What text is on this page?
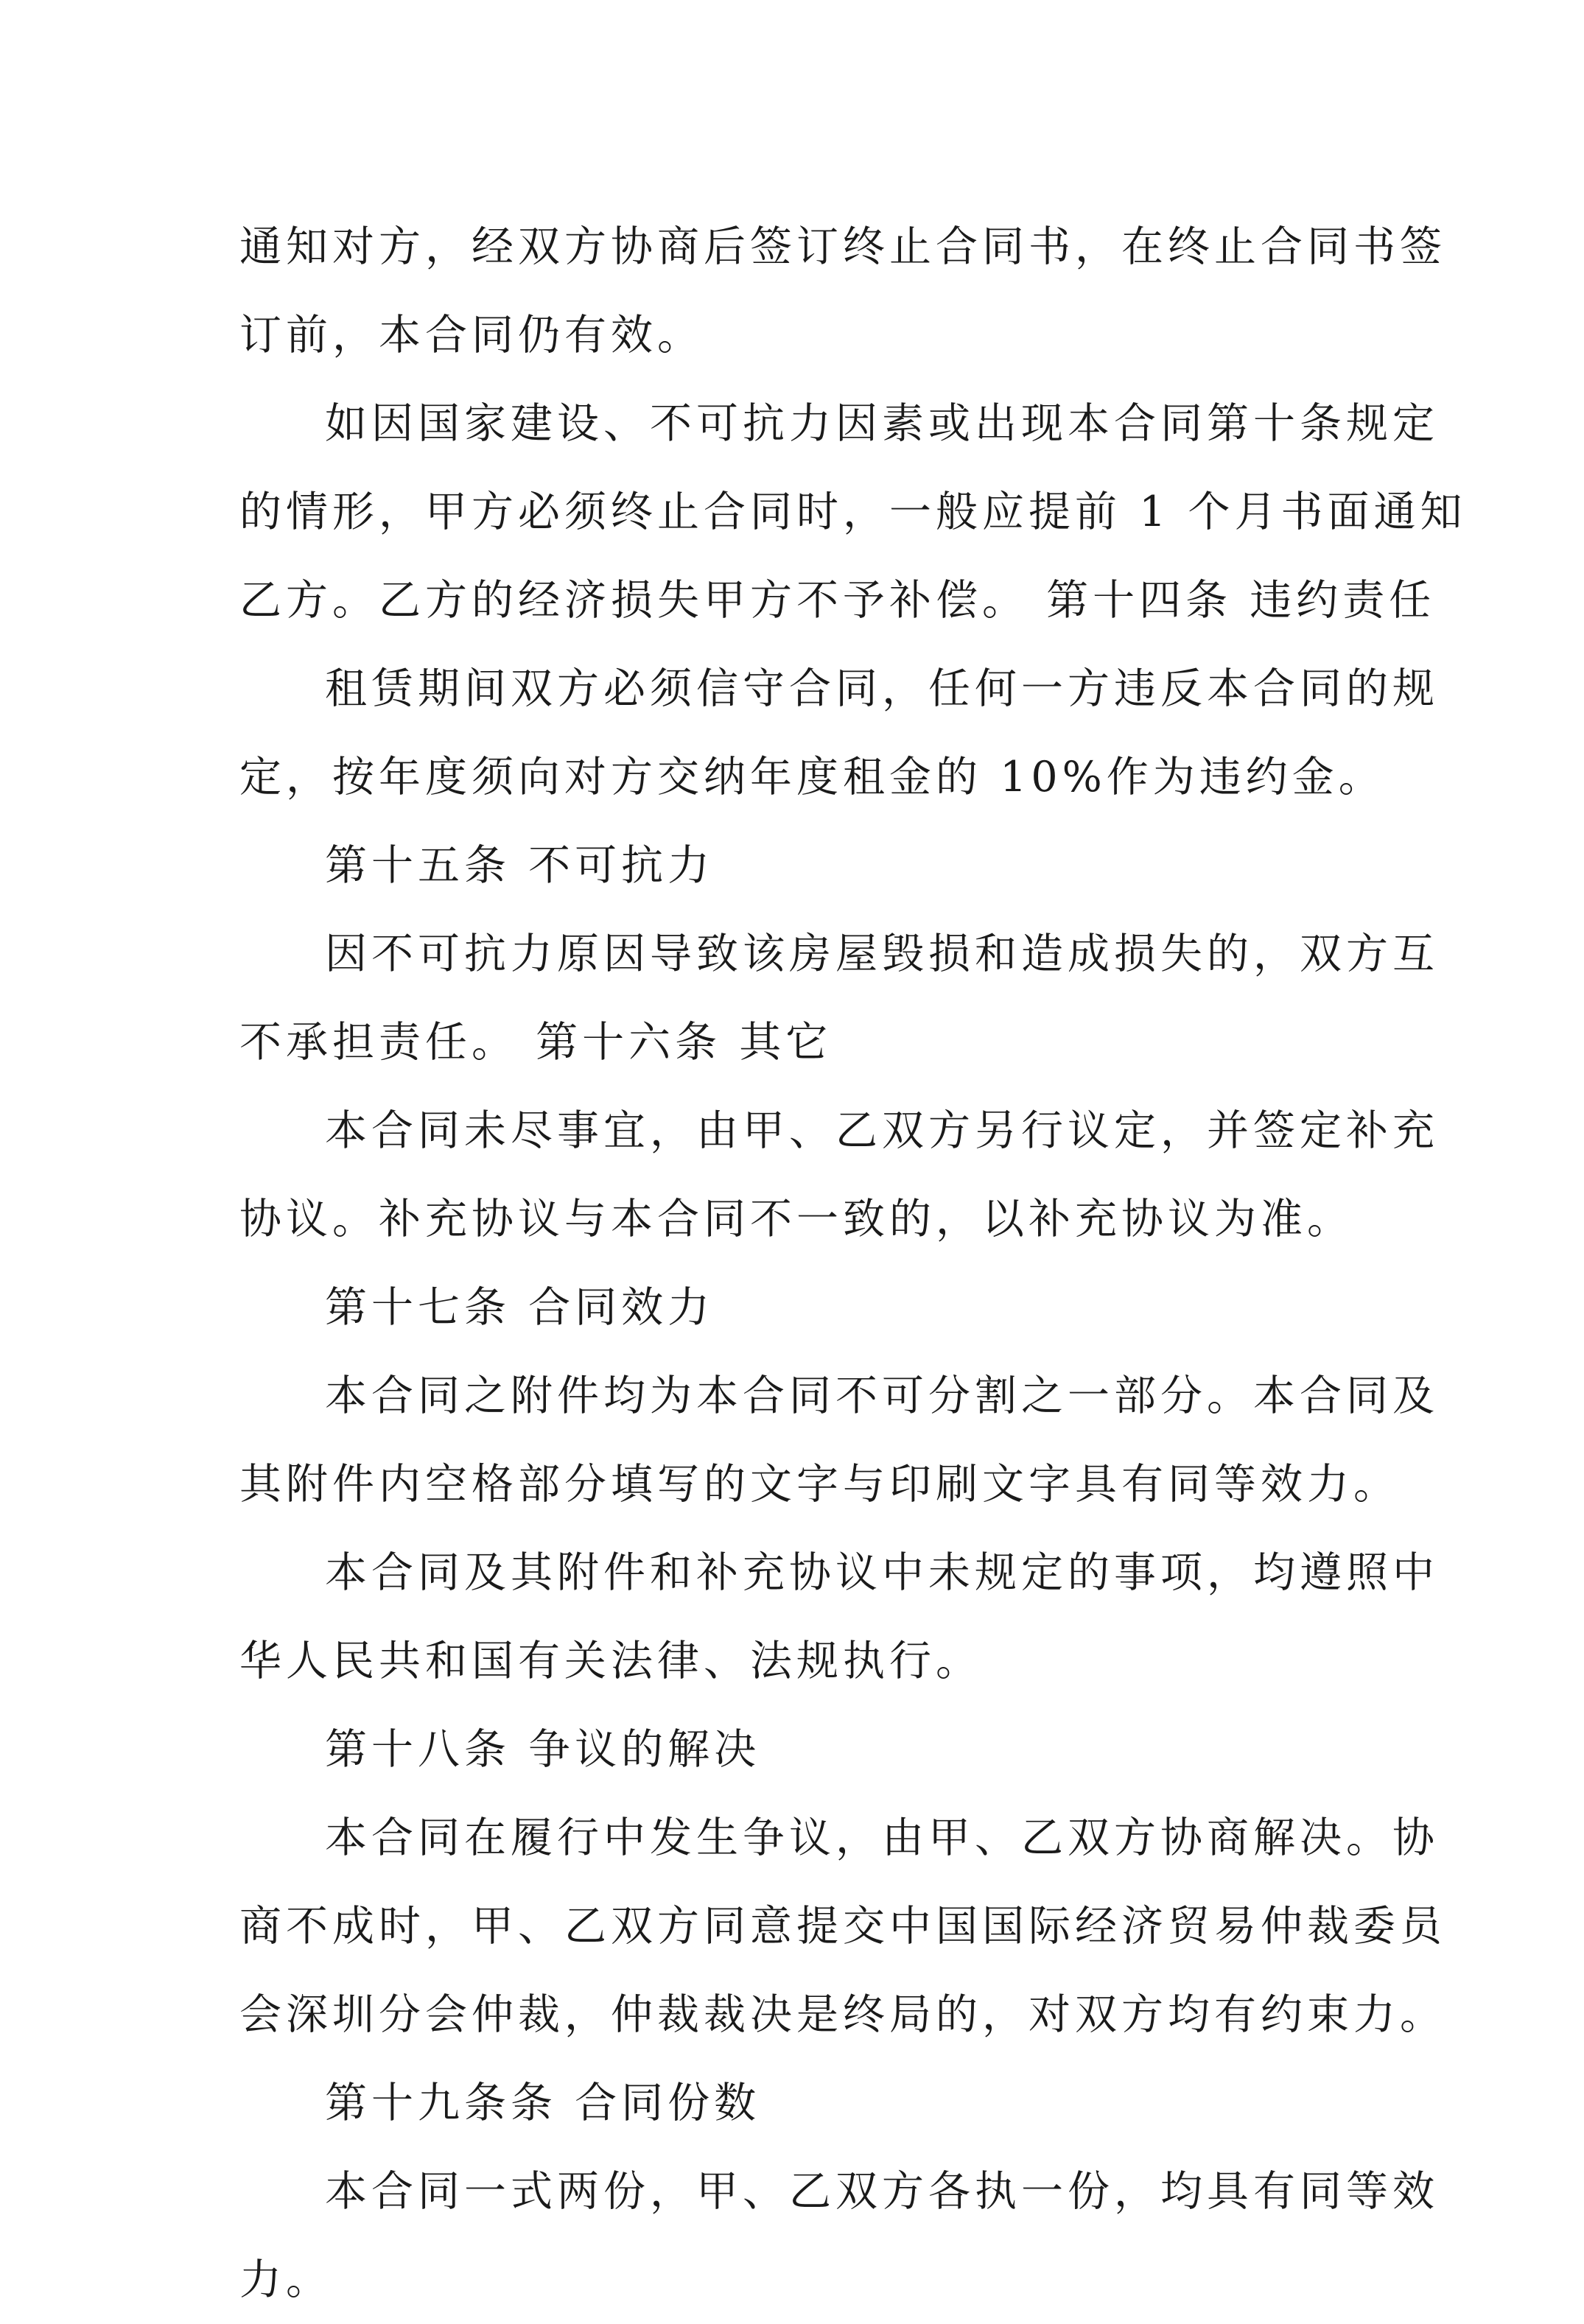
通知对方，经双方协商后签订终止合同书，在终止合同书签
订前，本合同仍有效。
如因国家建设、不可抗力因素或出现本合同第十条规定
的情形，甲方必须终止合同时，一般应提前 1 个月书面通知
乙方。乙方的经济损失甲方不予补偿。 第十四条 违约责任
租赁期间双方必须信守合同，任何一方违反本合同的规
定，按年度须向对方交纳年度租金的 10%作为违约金。
第十五条 不可抗力
因不可抗力原因导致该房屋毁损和造成损失的，双方互
不承担责任。 第十六条 其它
本合同未尽事宜，由甲、乙双方另行议定，并签定补充
协议。补充协议与本合同不一致的，以补充协议为准。
第十七条 合同效力
本合同之附件均为本合同不可分割之一部分。本合同及
其附件内空格部分填写的文字与印刷文字具有同等效力。
本合同及其附件和补充协议中未规定的事项，均遵照中
华人民共和国有关法律、法规执行。
第十八条 争议的解决
本合同在履行中发生争议，由甲、乙双方协商解决。协
商不成时，甲、乙双方同意提交中国国际经济贸易仲裁委员
会深圳分会仲裁，仲裁裁决是终局的，对双方均有约束力。
第十九条条 合同份数
本合同一式两份，甲、乙双方各执一份，均具有同等效
力。
